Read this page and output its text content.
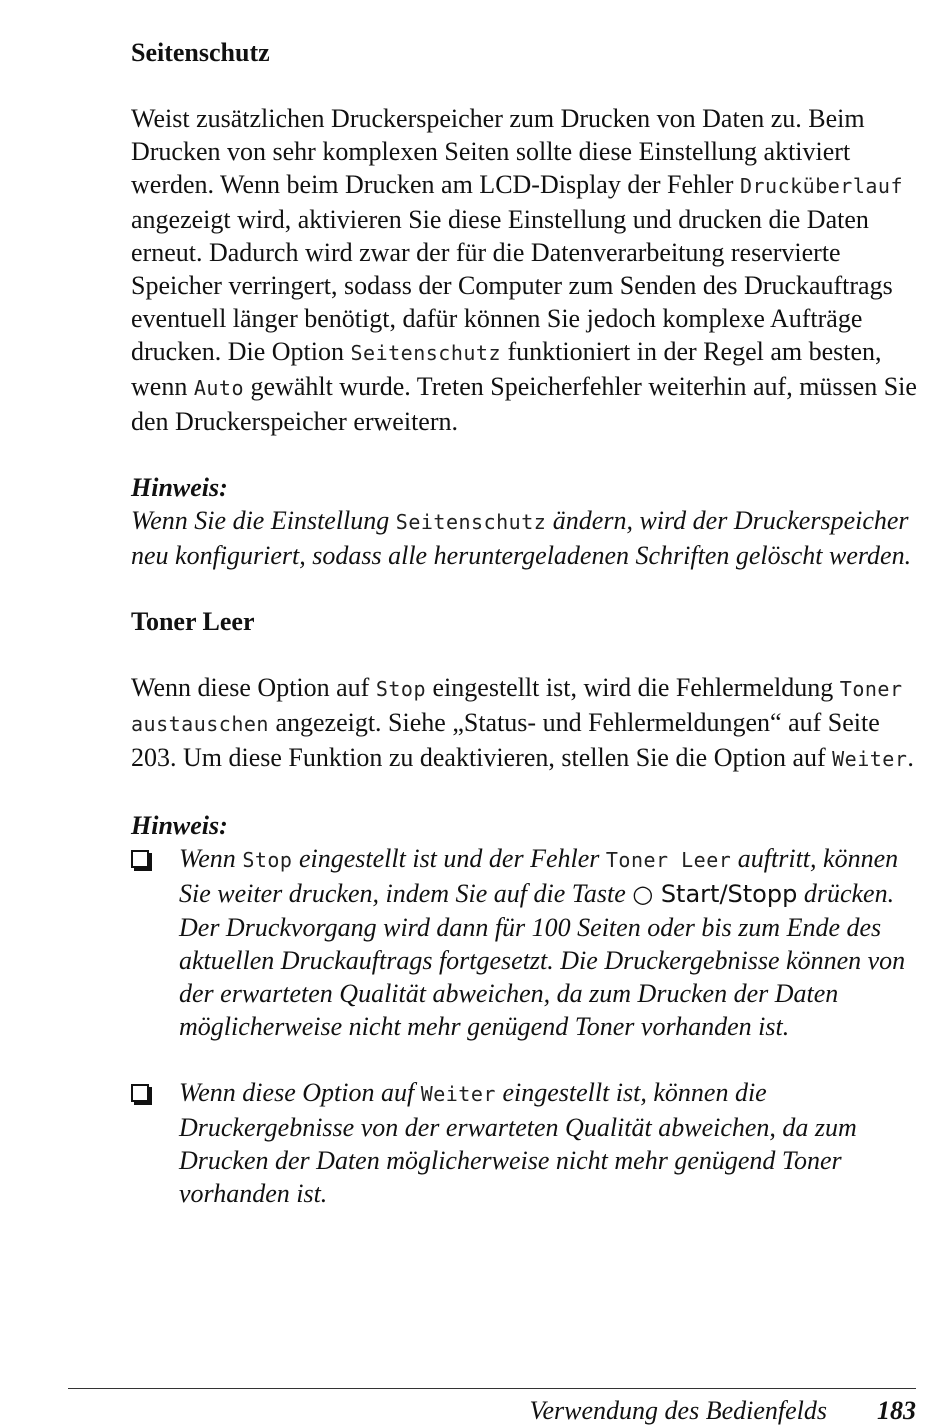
Seitenschutz

Weist zusätzlichen Druckerspeicher zum Drucken von Daten zu. Beim Drucken von sehr komplexen Seiten sollte diese Einstellung aktiviert werden. Wenn beim Drucken am LCD-Display der Fehler Drucküberlauf angezeigt wird, aktivieren Sie diese Einstellung und drucken die Daten erneut. Dadurch wird zwar der für die Datenverarbeitung reservierte Speicher verringert, sodass der Computer zum Senden des Druckauftrags eventuell länger benötigt, dafür können Sie jedoch komplexe Aufträge drucken. Die Option Seitenschutz funktioniert in der Regel am besten, wenn Auto gewählt wurde. Treten Speicherfehler weiterhin auf, müssen Sie den Druckerspeicher erweitern.

Hinweis:

Wenn Sie die Einstellung Seitenschutz ändern, wird der Druckerspeicher neu konfiguriert, sodass alle heruntergeladenen Schriften gelöscht werden.

Toner Leer

Wenn diese Option auf Stop eingestellt ist, wird die Fehlermeldung Toner austauschen angezeigt. Siehe „Status- und Fehlermeldungen“ auf Seite 203. Um diese Funktion zu deaktivieren, stellen Sie die Option auf Weiter.

Hinweis:
Wenn Stop eingestellt ist und der Fehler Toner Leer auftritt, können Sie weiter drucken, indem Sie auf die Taste ○ Start/Stopp drücken. Der Druckvorgang wird dann für 100 Seiten oder bis zum Ende des aktuellen Druckauftrags fortgesetzt. Die Druckergebnisse können von der erwarteten Qualität abweichen, da zum Drucken der Daten möglicherweise nicht mehr genügend Toner vorhanden ist.
Wenn diese Option auf Weiter eingestellt ist, können die Druckergebnisse von der erwarteten Qualität abweichen, da zum Drucken der Daten möglicherweise nicht mehr genügend Toner vorhanden ist.
Verwendung des Bedienfelds 183
